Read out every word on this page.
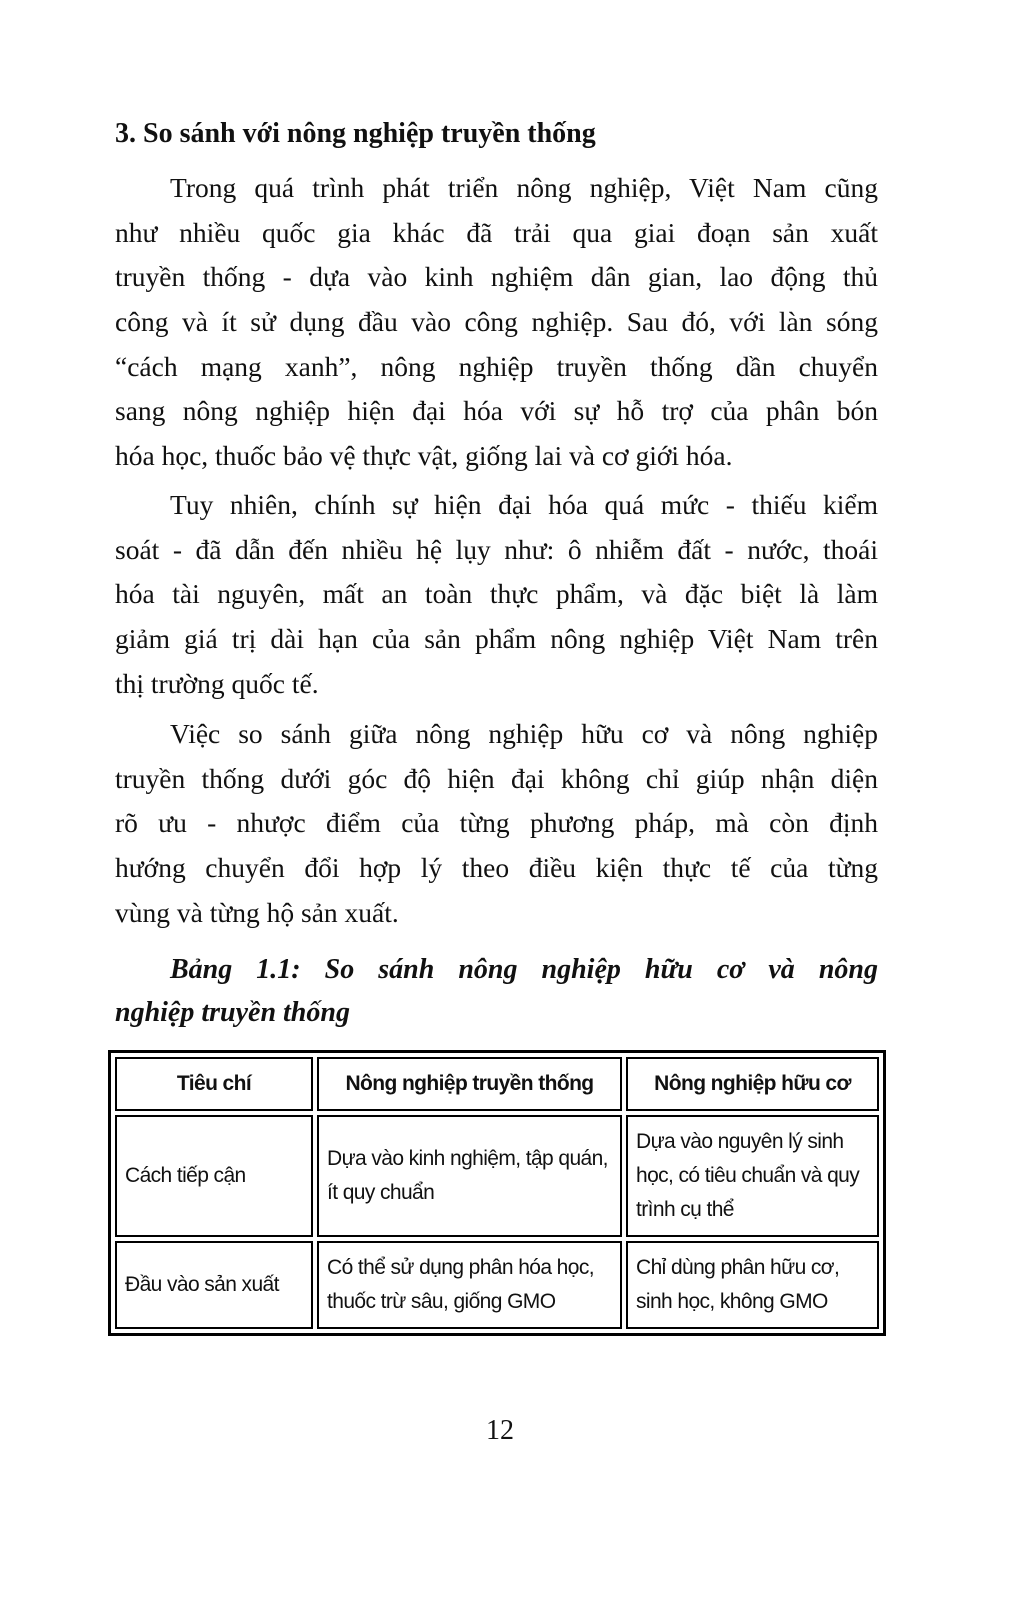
3. So sánh với nông nghiệp truyền thống
Trong quá trình phát triển nông nghiệp, Việt Nam cũng
như nhiều quốc gia khác đã trải qua giai đoạn sản xuất
truyền thống - dựa vào kinh nghiệm dân gian, lao động thủ
công và ít sử dụng đầu vào công nghiệp. Sau đó, với làn sóng
“cách mạng xanh”, nông nghiệp truyền thống dần chuyển
sang nông nghiệp hiện đại hóa với sự hỗ trợ của phân bón
hóa học, thuốc bảo vệ thực vật, giống lai và cơ giới hóa.
Tuy nhiên, chính sự hiện đại hóa quá mức - thiếu kiểm
soát - đã dẫn đến nhiều hệ lụy như: ô nhiễm đất - nước, thoái
hóa tài nguyên, mất an toàn thực phẩm, và đặc biệt là làm
giảm giá trị dài hạn của sản phẩm nông nghiệp Việt Nam trên
thị trường quốc tế.
Việc so sánh giữa nông nghiệp hữu cơ và nông nghiệp
truyền thống dưới góc độ hiện đại không chỉ giúp nhận diện
rõ ưu - nhược điểm của từng phương pháp, mà còn định
hướng chuyển đổi hợp lý theo điều kiện thực tế của từng
vùng và từng hộ sản xuất.
Bảng 1.1: So sánh nông nghiệp hữu cơ và nông
nghiệp truyền thống
Tiêu chí	Nông nghiệp truyền thống	Nông nghiệp hữu cơ
Cách tiếp cận	Dựa vào kinh nghiệm, tập quán, ít quy chuẩn	Dựa vào nguyên lý sinh học, có tiêu chuẩn và quy trình cụ thể
Đầu vào sản xuất	Có thể sử dụng phân hóa học, thuốc trừ sâu, giống GMO	Chỉ dùng phân hữu cơ, sinh học, không GMO
12
